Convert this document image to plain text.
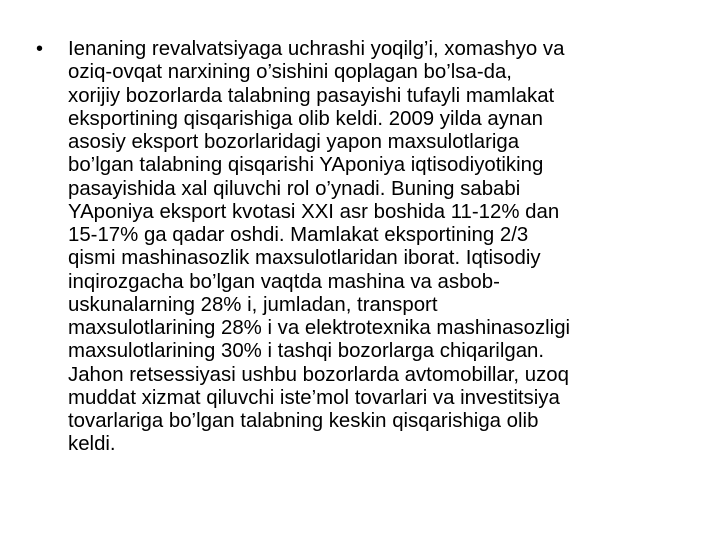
• Ienaning revalvatsiyaga uchrashi yoqilg’i, xomashyo va
oziq-ovqat narxining o’sishini qoplagan bo’lsa-da,
xorijiy bozorlarda talabning pasayishi tufayli mamlakat
eksportining qisqarishiga olib keldi. 2009 yilda aynan
asosiy eksport bozorlaridagi yapon maxsulotlariga
bo’lgan talabning qisqarishi YAponiya iqtisodiyotiking
pasayishida xal qiluvchi rol o’ynadi. Buning sababi
YAponiya eksport kvotasi XXI asr boshida 11-12% dan
15-17% ga qadar oshdi. Mamlakat eksportining 2/3
qismi mashinasozlik maxsulotlaridan iborat. Iqtisodiy
inqirozgacha bo’lgan vaqtda mashina va asbob-
uskunalarning 28% i, jumladan, transport
maxsulotlarining 28% i va elektrotexnika mashinasozligi
maxsulotlarining 30% i tashqi bozorlarga chiqarilgan.
Jahon retsessiyasi ushbu bozorlarda avtomobillar, uzoq
muddat xizmat qiluvchi iste’mol tovarlari va investitsiya
tovarlariga bo’lgan talabning keskin qisqarishiga olib
keldi.
